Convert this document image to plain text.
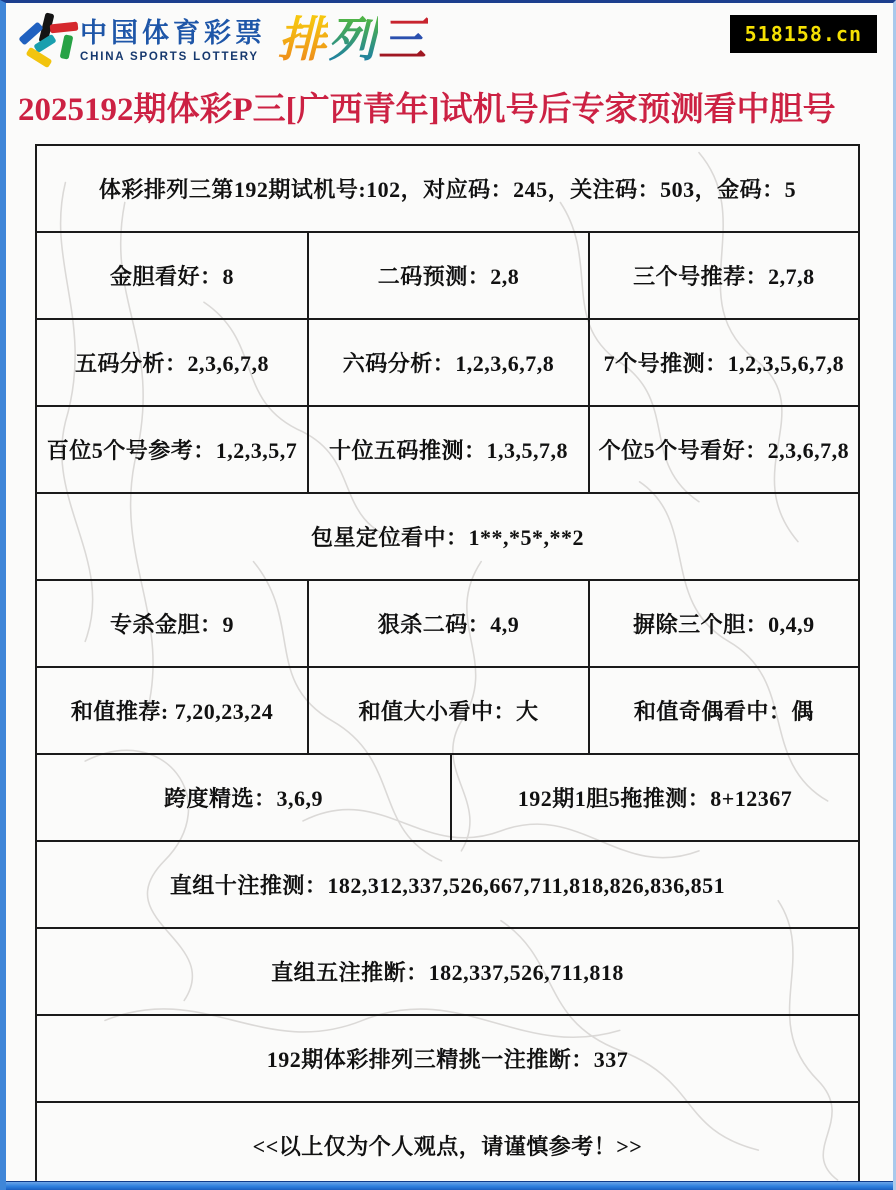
中国体育彩票
CHINA SPORTS LOTTERY 排列三	518158.cn
2025192期体彩P三[广西青年]试机号后专家预测看中胆号
体彩排列三第192期试机号:102，对应码：245，关注码：503，金码：5
金胆看好：8	二码预测：2,8	三个号推荐：2,7,8
五码分析：2,3,6,7,8	六码分析：1,2,3,6,7,8	7个号推测：1,2,3,5,6,7,8
百位5个号参考：1,2,3,5,7	十位五码推测：1,3,5,7,8	个位5个号看好：2,3,6,7,8
包星定位看中：1**,*5*,**2
专杀金胆：9	狠杀二码：4,9	摒除三个胆：0,4,9
和值推荐: 7,20,23,24	和值大小看中：大	和值奇偶看中：偶
跨度精选：3,6,9	192期1胆5拖推测：8+12367
直组十注推测：182,312,337,526,667,711,818,826,836,851
直组五注推断：182,337,526,711,818
192期体彩排列三精挑一注推断：337
<<以上仅为个人观点，请谨慎参考！>>
